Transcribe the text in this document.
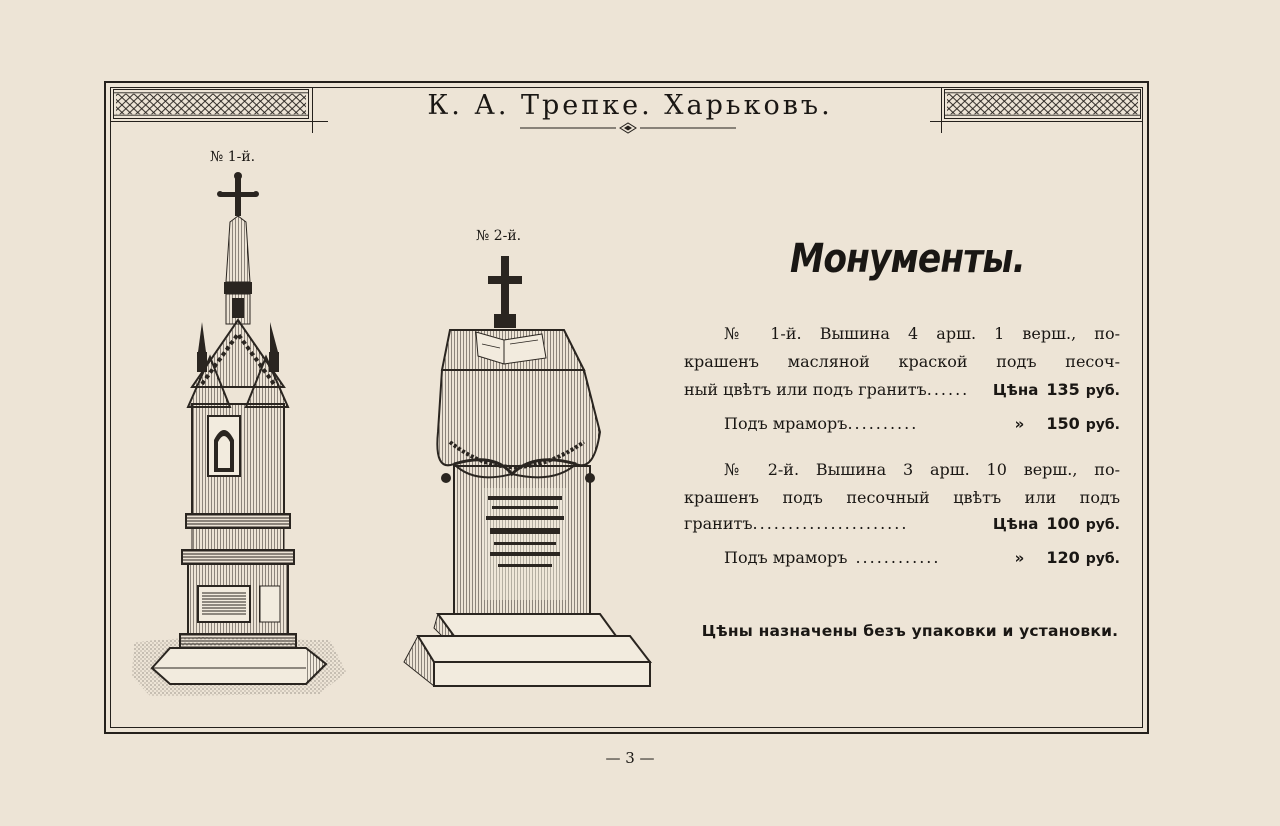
К. А. Трепке. Харьковъ.
№ 1-й.
№ 2-й.	Монументы.
№ 1-й. Вышина 4 арш. 1 верш., по-
крашенъ масляной краской подъ песоч-
ный цвѣтъ или подъ гранитъ ......	Цѣна 135 руб.
Подъ мраморъ ..........	» 150 руб.
№ 2-й. Вышина 3 арш. 10 верш., по-
крашенъ подъ песочный цвѣтъ или подъ
гранитъ ......................	Цѣна 100 руб.
Подъ мраморъ ............	» 120 руб.
Цѣны назначены безъ упаковки и установки.
— 3 —
